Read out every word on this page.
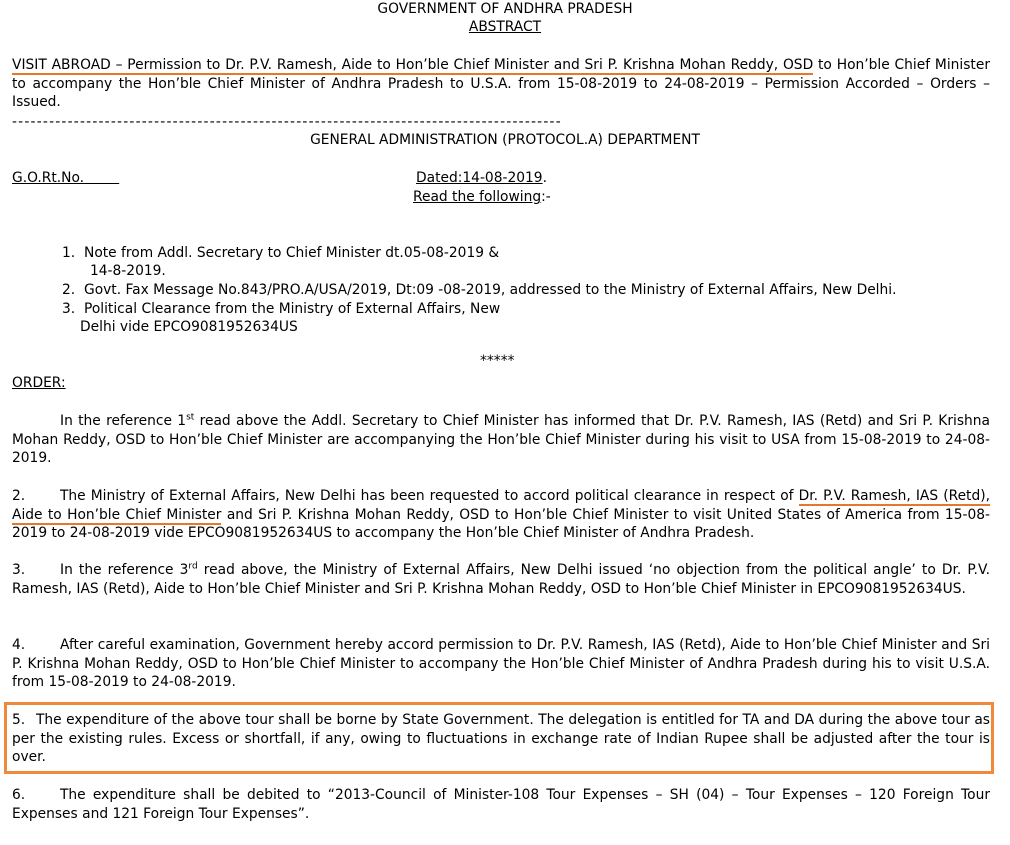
GOVERNMENT OF ANDHRA PRADESH
ABSTRACT
VISIT ABROAD – Permission to Dr. P.V. Ramesh, Aide to Hon’ble Chief Minister and Sri P. Krishna Mohan Reddy, OSD to Hon’ble Chief Minister to accompany the Hon’ble Chief Minister of Andhra Pradesh to U.S.A. from 15-08-2019 to 24-08-2019 – Permission Accorded – Orders – Issued.
-----------------------------------------------------------------------------------------
GENERAL ADMINISTRATION (PROTOCOL.A) DEPARTMENT
G.O.Rt.No.	Dated:14-08-2019.
Read the following:-
1. Note from Addl. Secretary to Chief Minister dt.05-08-2019 &
14-8-2019.
2. Govt. Fax Message No.843/PRO.A/USA/2019, Dt:09 -08-2019, addressed to the Ministry of External Affairs, New Delhi.
3. Political Clearance from the Ministry of External Affairs, New
Delhi vide EPCO9081952634US
*****
ORDER:
In the reference 1st read above the Addl. Secretary to Chief Minister has informed that Dr. P.V. Ramesh, IAS (Retd) and Sri P. Krishna Mohan Reddy, OSD to Hon’ble Chief Minister are accompanying the Hon’ble Chief Minister during his visit to USA from 15-08-2019 to 24-08-2019.
2.	The Ministry of External Affairs, New Delhi has been requested to accord political clearance in respect of Dr. P.V. Ramesh, IAS (Retd), Aide to Hon’ble Chief Minister and Sri P. Krishna Mohan Reddy, OSD to Hon’ble Chief Minister to visit United States of America from 15-08-2019 to 24-08-2019 vide EPCO9081952634US to accompany the Hon’ble Chief Minister of Andhra Pradesh.
3.	In the reference 3rd read above, the Ministry of External Affairs, New Delhi issued ‘no objection from the political angle’ to Dr. P.V. Ramesh, IAS (Retd), Aide to Hon’ble Chief Minister and Sri P. Krishna Mohan Reddy, OSD to Hon’ble Chief Minister in EPCO9081952634US.
4.	After careful examination, Government hereby accord permission to Dr. P.V. Ramesh, IAS (Retd), Aide to Hon’ble Chief Minister and Sri P. Krishna Mohan Reddy, OSD to Hon’ble Chief Minister to accompany the Hon’ble Chief Minister of Andhra Pradesh during his to visit U.S.A. from 15-08-2019 to 24-08-2019.
5. The expenditure of the above tour shall be borne by State Government. The delegation is entitled for TA and DA during the above tour as per the existing rules. Excess or shortfall, if any, owing to fluctuations in exchange rate of Indian Rupee shall be adjusted after the tour is over.
6.	The expenditure shall be debited to “2013-Council of Minister-108 Tour Expenses – SH (04) – Tour Expenses – 120 Foreign Tour Expenses and 121 Foreign Tour Expenses”.
